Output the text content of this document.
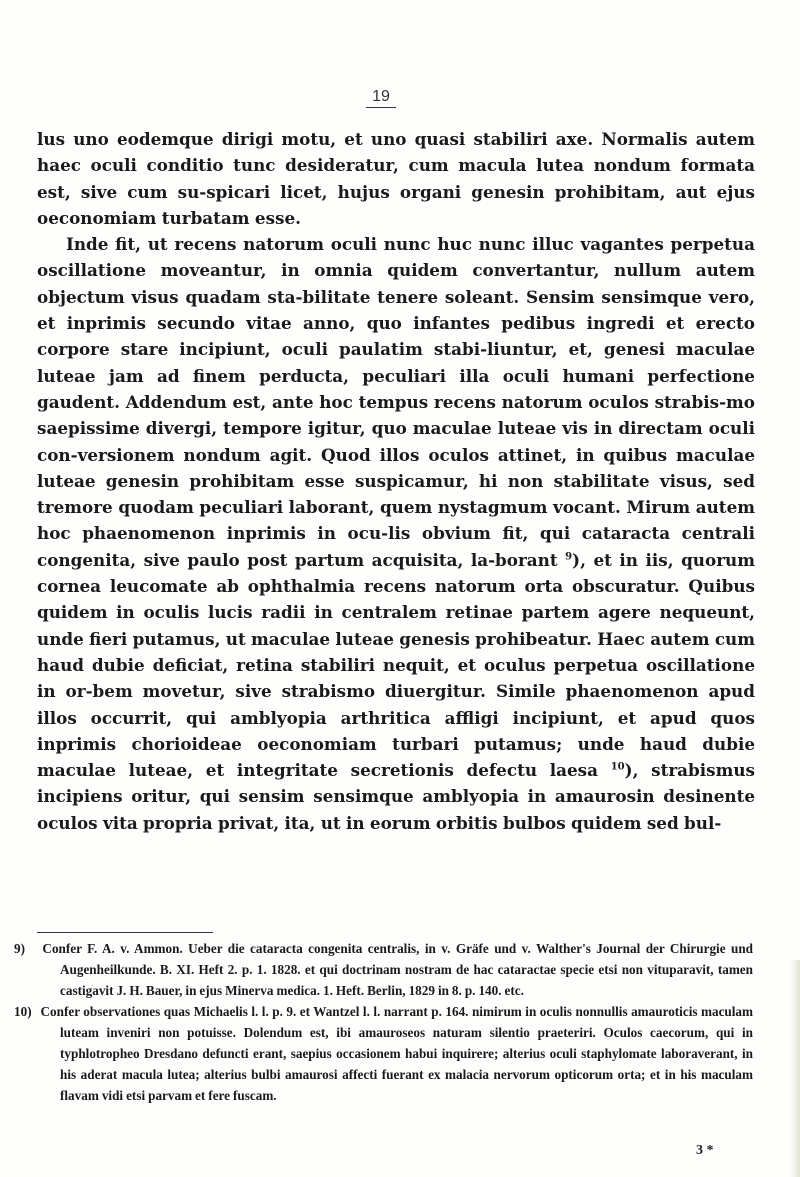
19

lus uno eodemque dirigi motu, et uno quasi stabiliri axe. Normalis autem haec oculi conditio tunc desideratur, cum macula lutea nondum formata est, sive cum su-spicari licet, hujus organi genesin prohibitam, aut ejus oeconomiam turbatam esse.

Inde fit, ut recens natorum oculi nunc huc nunc illuc vagantes perpetua oscillatione moveantur, in omnia quidem convertantur, nullum autem objectum visus quadam sta-bilitate tenere soleant. Sensim sensimque vero, et inprimis secundo vitae anno, quo infantes pedibus ingredi et erecto corpore stare incipiunt, oculi paulatim stabi-liuntur, et, genesi maculae luteae jam ad finem perducta, peculiari illa oculi humani perfectione gaudent. Addendum est, ante hoc tempus recens natorum oculos strabis-mo saepissime divergi, tempore igitur, quo maculae luteae vis in directam oculi con-versionem nondum agit. Quod illos oculos attinet, in quibus maculae luteae genesin prohibitam esse suspicamur, hi non stabilitate visus, sed tremore quodam peculiari laborant, quem nystagmum vocant. Mirum autem hoc phaenomenon inprimis in ocu-lis obvium fit, qui cataracta centrali congenita, sive paulo post partum acquisita, la-borant $^9$), et in iis, quorum cornea leucomate ab ophthalmia recens natorum orta obscuratur. Quibus quidem in oculis lucis radii in centralem retinae partem agere nequeunt, unde fieri putamus, ut maculae luteae genesis prohibeatur. Haec autem cum haud dubie deficiat, retina stabiliri nequit, et oculus perpetua oscillatione in or-bem movetur, sive strabismo diuergitur. Simile phaenomenon apud illos occurrit, qui amblyopia arthritica affligi incipiunt, et apud quos inprimis chorioideae oeconomiam turbari putamus; unde haud dubie maculae luteae, et integritate secretionis defectu laesa $^{10}$), strabismus incipiens oritur, qui sensim sensimque amblyopia in amaurosin desinente oculos vita propria privat, ita, ut in eorum orbitis bulbos quidem sed bul-

9) Confer F. A. v. Ammon. Ueber die cataracta congenita centralis, in v. Gräfe und v. Walther's Journal der Chirurgie und Augenheilkunde. B. XI. Heft 2. p. 1. 1828. et qui doctrinam nostram de hac cataractae specie etsi non vituparavit, tamen castigavit J. H. Bauer, in ejus Minerva medica. 1. Heft. Berlin, 1829 in 8. p. 140. etc.

10) Confer observationes quas Michaelis l. l. p. 9. et Wantzel l. l. narrant p. 164. nimirum in oculis nonnullis amauroticis maculam luteam inveniri non potuisse. Dolendum est, ibi amauroseos naturam silentio praeteriri. Oculos caecorum, qui in typhlotropheo Dresdano defuncti erant, saepius occasionem habui inquirere; alterius oculi staphylomate laboraverant, in his aderat macula lutea; alterius bulbi amaurosi affecti fuerant ex malacia nervorum opticorum orta; et in his maculam flavam vidi etsi parvam et fere fuscam.

3 *
